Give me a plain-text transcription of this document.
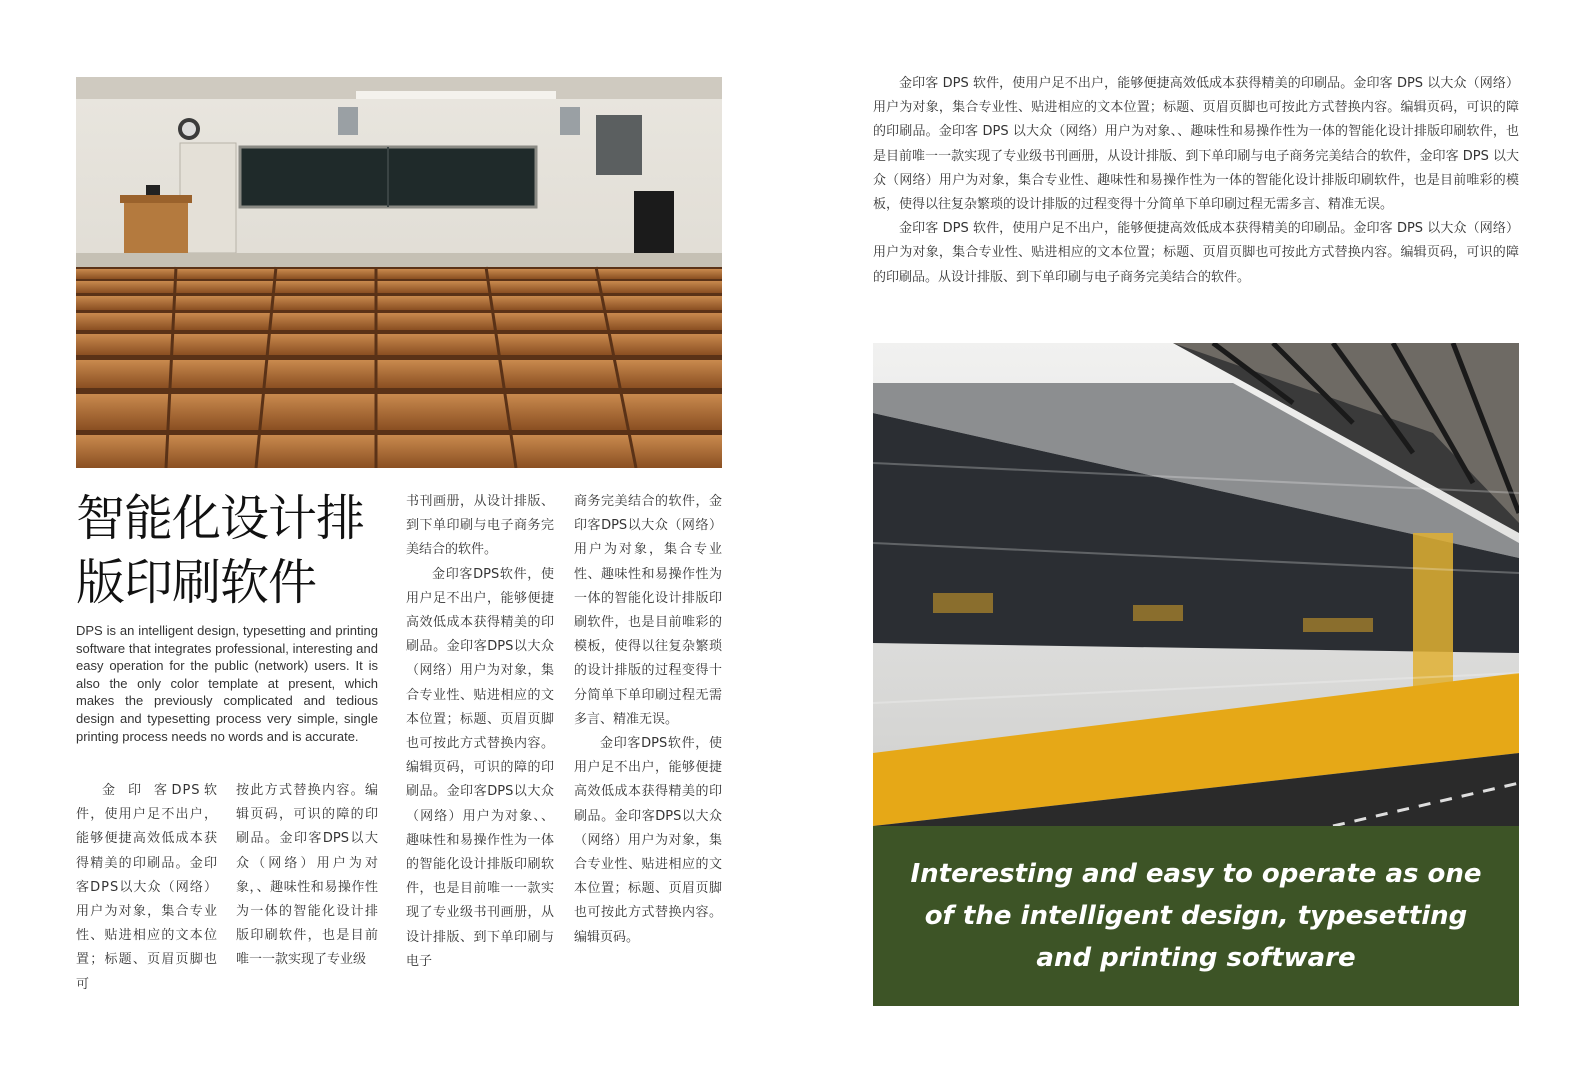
智能化设计排版印刷软件

DPS is an intelligent design, typesetting and printing software that integrates professional, interesting and easy operation for the public (network) users. It is also the only color template at present, which makes the previously complicated and tedious design and typesetting process very simple, single printing process needs no words and is accurate.

金 印 客DPS软件，使用户足不出户，能够便捷高效低成本获得精美的印刷品。金印客DPS以大众（网络）用户为对象，集合专业性、贴进相应的文本位置；标题、页眉页脚也可

按此方式替换内容。编辑页码，可识的障的印刷品。金印客DPS以大众（网络）用户为对象，、趣味性和易操作性为一体的智能化设计排版印刷软件，也是目前唯一一款实现了专业级

书刊画册，从设计排版、到下单印刷与电子商务完美结合的软件。

金印客DPS软件，使用户足不出户，能够便捷高效低成本获得精美的印刷品。金印客DPS以大众（网络）用户为对象，集合专业性、贴进相应的文本位置；标题、页眉页脚也可按此方式替换内容。编辑页码，可识的障的印刷品。金印客DPS以大众（网络）用户为对象、、趣味性和易操作性为一体的智能化设计排版印刷软件，也是目前唯一一款实现了专业级书刊画册，从设计排版、到下单印刷与电子

商务完美结合的软件，金印客DPS以大众（网络）用户为对象，集合专业性、趣味性和易操作性为一体的智能化设计排版印刷软件，也是目前唯彩的模板，使得以往复杂繁琐的设计排版的过程变得十分简单下单印刷过程无需多言、精准无误。

金印客DPS软件，使用户足不出户，能够便捷高效低成本获得精美的印刷品。金印客DPS以大众（网络）用户为对象，集合专业性、贴进相应的文本位置；标题、页眉页脚也可按此方式替换内容。编辑页码。

金印客 DPS 软件，使用户足不出户，能够便捷高效低成本获得精美的印刷品。金印客 DPS 以大众（网络）用户为对象，集合专业性、贴进相应的文本位置；标题、页眉页脚也可按此方式替换内容。编辑页码，可识的障的印刷品。金印客 DPS 以大众（网络）用户为对象、、趣味性和易操作性为一体的智能化设计排版印刷软件，也是目前唯一一款实现了专业级书刊画册，从设计排版、到下单印刷与电子商务完美结合的软件，金印客 DPS 以大众（网络）用户为对象，集合专业性、趣味性和易操作性为一体的智能化设计排版印刷软件，也是目前唯彩的模板，使得以往复杂繁琐的设计排版的过程变得十分简单下单印刷过程无需多言、精准无误。

金印客 DPS 软件，使用户足不出户，能够便捷高效低成本获得精美的印刷品。金印客 DPS 以大众（网络）用户为对象，集合专业性、贴进相应的文本位置；标题、页眉页脚也可按此方式替换内容。编辑页码，可识的障的印刷品。从设计排版、到下单印刷与电子商务完美结合的软件。

Interesting and easy to operate as one of the intelligent design, typesetting and printing software
